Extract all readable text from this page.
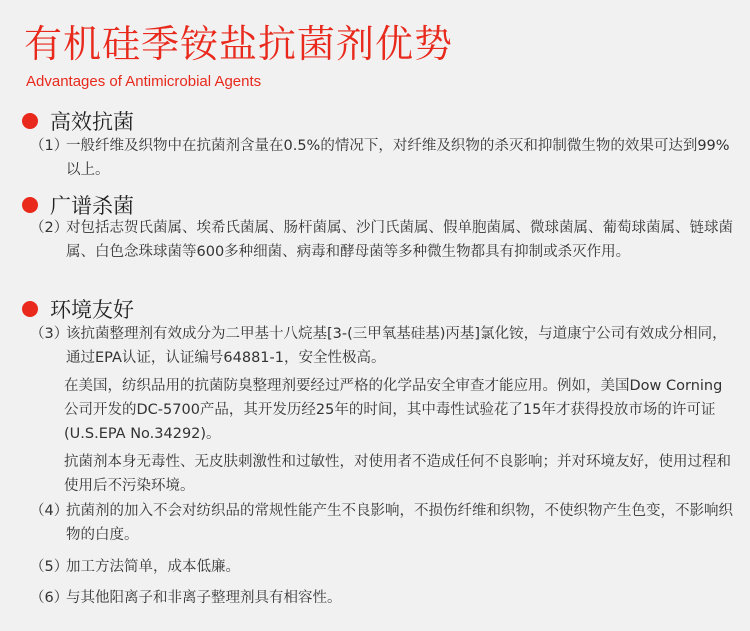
有机硅季铵盐抗菌剂优势
Advantages of Antimicrobial Agents
高效抗菌
（1）
一般纤维及织物中在抗菌剂含量在0.5%的情况下，对纤维及织物的杀灭和抑制微生物的效果可达到99%以上。
广谱杀菌
（2）
对包括志贺氏菌属、埃希氏菌属、肠杆菌属、沙门氏菌属、假单胞菌属、微球菌属、葡萄球菌属、链球菌属、白色念珠球菌等600多种细菌、病毒和酵母菌等多种微生物都具有抑制或杀灭作用。
环境友好
（3）
该抗菌整理剂有效成分为二甲基十八烷基[3-(三甲氧基硅基)丙基]氯化铵，与道康宁公司有效成分相同，通过EPA认证，认证编号64881-1，安全性极高。
在美国，纺织品用的抗菌防臭整理剂要经过严格的化学品安全审查才能应用。例如，美国Dow Corning公司开发的DC-5700产品，其开发历经25年的时间，其中毒性试验花了15年才获得投放市场的许可证(U.S.EPA No.34292)。
抗菌剂本身无毒性、无皮肤刺激性和过敏性，对使用者不造成任何不良影响；并对环境友好，使用过程和使用后不污染环境。
（4）
抗菌剂的加入不会对纺织品的常规性能产生不良影响，不损伤纤维和织物，不使织物产生色变，不影响织物的白度。
（5）
加工方法简单，成本低廉。
（6）
与其他阳离子和非离子整理剂具有相容性。
